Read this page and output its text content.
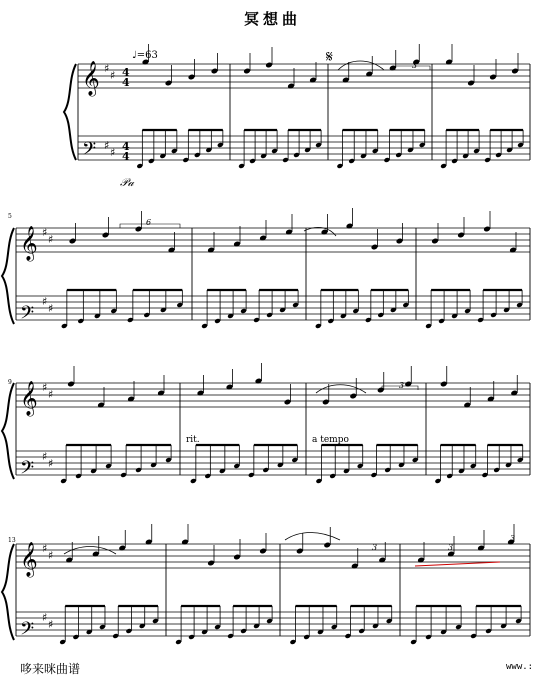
冥想曲
𝄞
𝄢
𝄞
𝄢
𝄞
𝄢
𝄞
𝄢
♯
♯
♯
♯
♯
♯
♯
♯
♯
♯
♯
♯
♯
♯
♯
♯
4
4
4
4
♩=63	𝄋
5
9
13
3
6
3
3	3
3
rit.	a tempo
𝒫𝒶
哆来咪曲谱	www.:
